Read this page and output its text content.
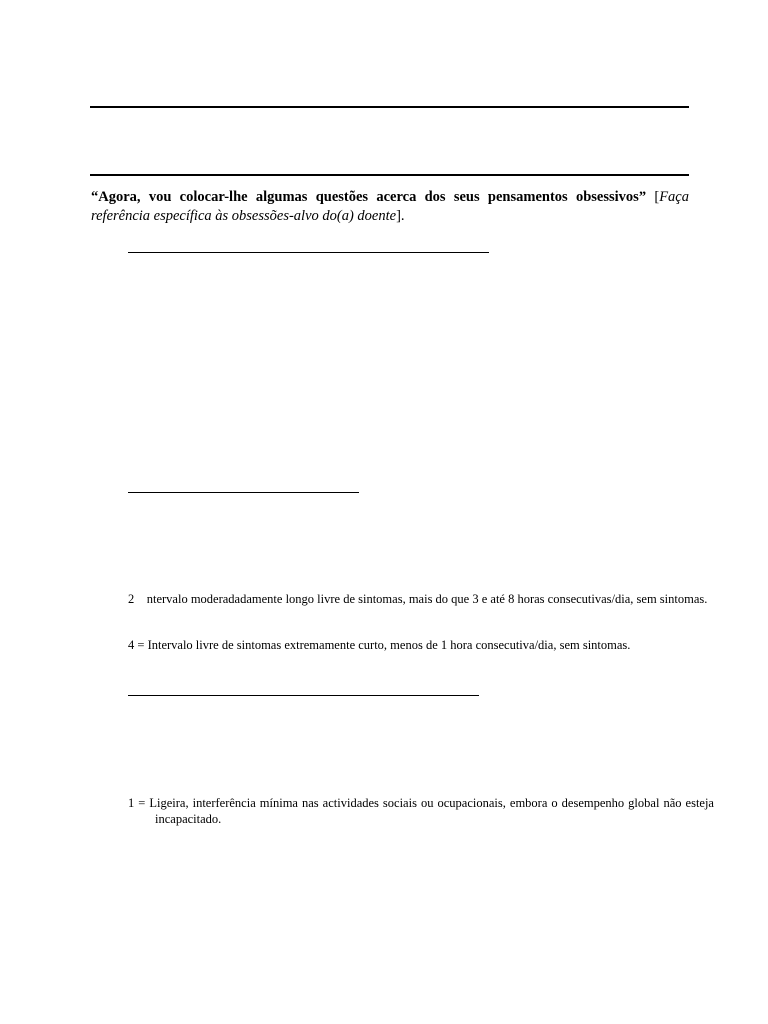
“Agora, vou colocar-lhe algumas questões acerca dos seus pensamentos obsessivos” [Faça referência específica às obsessões-alvo do(a) doente].

2 ntervalo moderadadamente longo livre de sintomas, mais do que 3 e até 8 horas consecutivas/dia, sem sintomas.

4 = Intervalo livre de sintomas extremamente curto, menos de 1 hora consecutiva/dia, sem sintomas.

1 = Ligeira, interferência mínima nas actividades sociais ou ocupacionais, embora o desempenho global não esteja incapacitado.
